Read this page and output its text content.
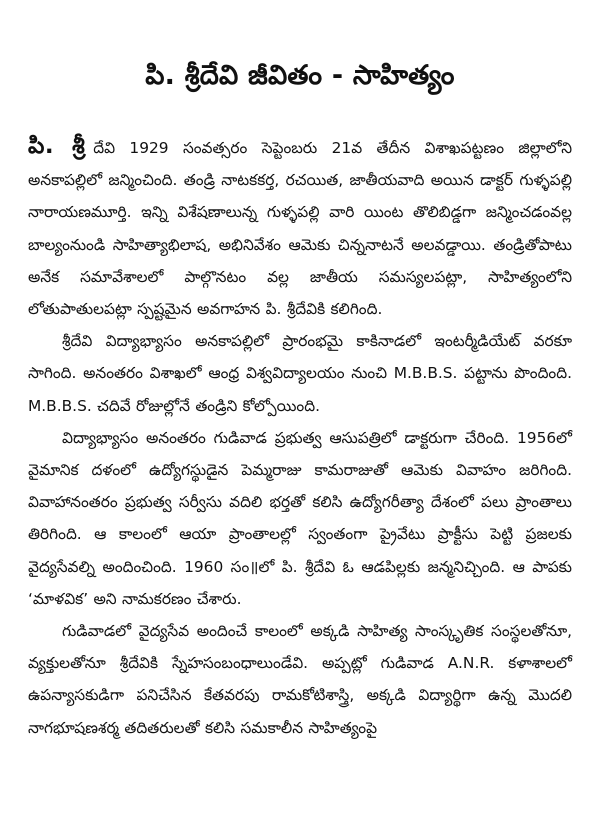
పి. శ్రీదేవి జీవితం - సాహిత్యం

పి. శ్రీ దేవి 1929 సంవత్సరం సెప్టెంబరు 21వ తేదీన విశాఖపట్టణం జిల్లాలోని అనకాపల్లిలో జన్మించింది. తండ్రి నాటకకర్త, రచయిత, జాతీయవాది అయిన డాక్టర్ గుళ్ళపల్లి నారాయణమూర్తి. ఇన్ని విశేషణాలున్న గుళ్ళపల్లి వారి యింట తొలిబిడ్డగా జన్మించడంవల్ల బాల్యంనుండి సాహిత్యాభిలాష, అభినివేశం ఆమెకు చిన్ననాటనే అలవడ్డాయి. తండ్రితోపాటు అనేక సమావేశాలలో పాల్గొనటం వల్ల జాతీయ సమస్యలపట్లా, సాహిత్యంలోని లోతుపాతులపట్లా స్పష్టమైన అవగాహన పి. శ్రీదేవికి కలిగింది.

శ్రీదేవి విద్యాభ్యాసం అనకాపల్లిలో ప్రారంభమై కాకినాడలో ఇంటర్మీడియేట్ వరకూ సాగింది. అనంతరం విశాఖలో ఆంధ్ర విశ్వవిద్యాలయం నుంచి M.B.B.S. పట్టాను పొందింది. M.B.B.S. చదివే రోజుల్లోనే తండ్రిని కోల్పోయింది.

విద్యాభ్యాసం అనంతరం గుడివాడ ప్రభుత్వ ఆసుపత్రిలో డాక్టరుగా చేరింది. 1956లో వైమానిక దళంలో ఉద్యోగస్థుడైన పెమ్మరాజు కామరాజుతో ఆమెకు వివాహం జరిగింది. వివాహానంతరం ప్రభుత్వ సర్వీసు వదిలి భర్తతో కలిసి ఉద్యోగరీత్యా దేశంలో పలు ప్రాంతాలు తిరిగింది. ఆ కాలంలో ఆయా ప్రాంతాలల్లో స్వంతంగా ప్రైవేటు ప్రాక్టీసు పెట్టి ప్రజలకు వైద్యసేవల్ని అందించింది. 1960 సం॥లో పి. శ్రీదేవి ఓ ఆడపిల్లకు జన్మనిచ్చింది. ఆ పాపకు ‘మాళవిక’ అని నామకరణం చేశారు.

గుడివాడలో వైద్యసేవ అందించే కాలంలో అక్కడి సాహిత్య సాంస్కృతిక సంస్థలతోనూ, వ్యక్తులతోనూ శ్రీదేవికి స్నేహసంబంధాలుండేవి. అప్పట్లో గుడివాడ A.N.R. కళాశాలలో ఉపన్యాసకుడిగా పనిచేసిన కేతవరపు రామకోటిశాస్త్రి, అక్కడి విద్యార్థిగా ఉన్న మొదలి నాగభూషణశర్మ తదితరులతో కలిసి సమకాలీన సాహిత్యంపై
